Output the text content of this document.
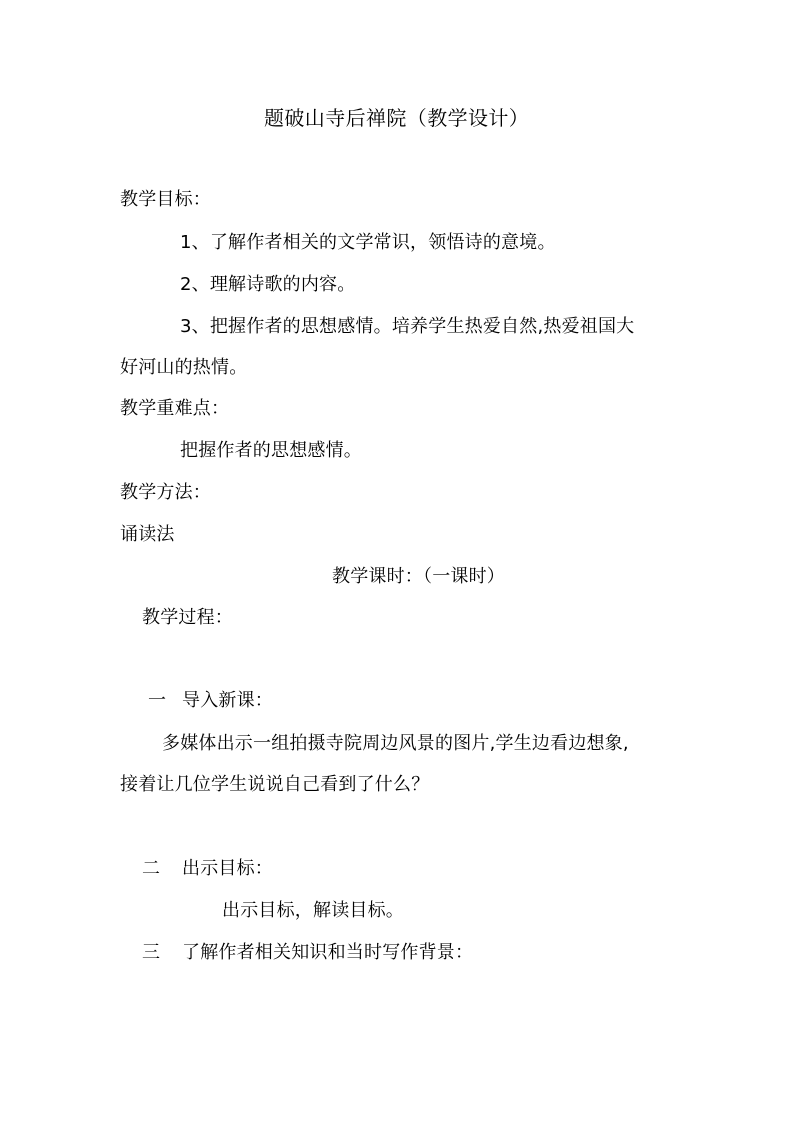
题破山寺后禅院（教学设计）
教学目标：
1、了解作者相关的文学常识，领悟诗的意境。
2、理解诗歌的内容。
3、把握作者的思想感情。培养学生热爱自然,热爱祖国大
好河山的热情。
教学重难点：
把握作者的思想感情。
教学方法：
诵读法
教学课时：（一课时）
教学过程：
一 导入新课：
多媒体出示一组拍摄寺院周边风景的图片,学生边看边想象,
接着让几位学生说说自己看到了什么？
二 出示目标：
出示目标，解读目标。
三 了解作者相关知识和当时写作背景：
